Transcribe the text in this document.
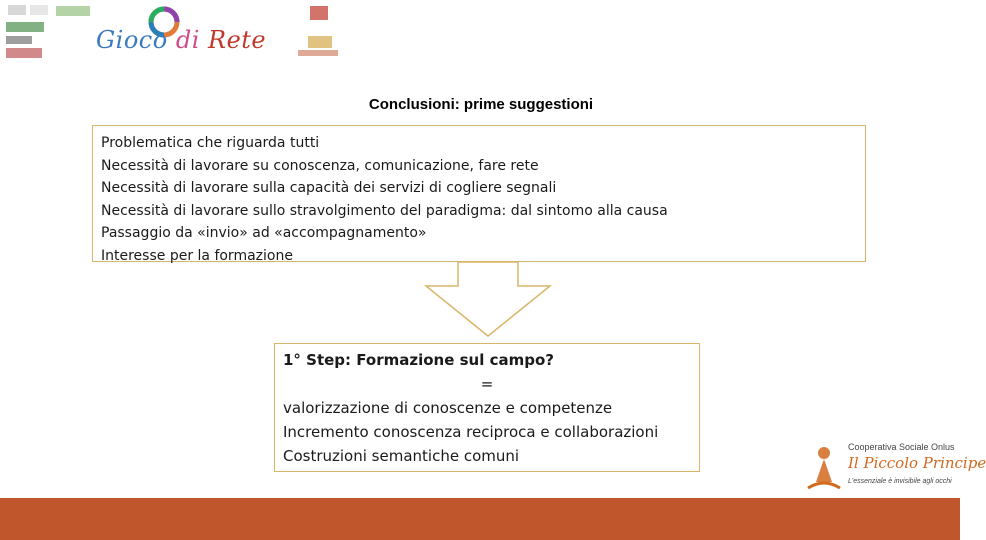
Gioco di Rete
Conclusioni: prime suggestioni
Problematica che riguarda tutti
Necessità di lavorare su conoscenza, comunicazione, fare rete
Necessità di lavorare sulla capacità dei servizi di cogliere segnali
Necessità di lavorare sullo stravolgimento del paradigma: dal sintomo alla causa
Passaggio da «invio» ad «accompagnamento»
Interesse per la formazione
1° Step: Formazione sul campo?
=
valorizzazione di conoscenze e competenze
Incremento conoscenza reciproca e collaborazioni
Costruzioni semantiche comuni	Cooperativa Sociale Onlus
Il Piccolo Principe
L'essenziale è invisibile agli occhi
